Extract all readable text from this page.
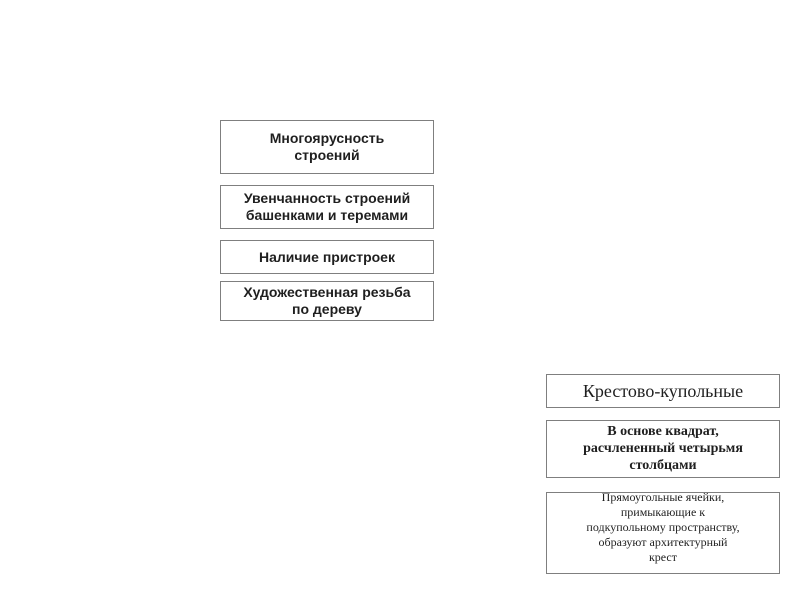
Многоярусность
строений
Увенчанность строений
башенками и теремами
Наличие пристроек
Художественная резьба
по дереву
Крестово-купольные
В основе квадрат,
расчлененный четырьмя
столбцами
Прямоугольные ячейки,
примыкающие к
подкупольному пространству,
образуют архитектурный
крест
